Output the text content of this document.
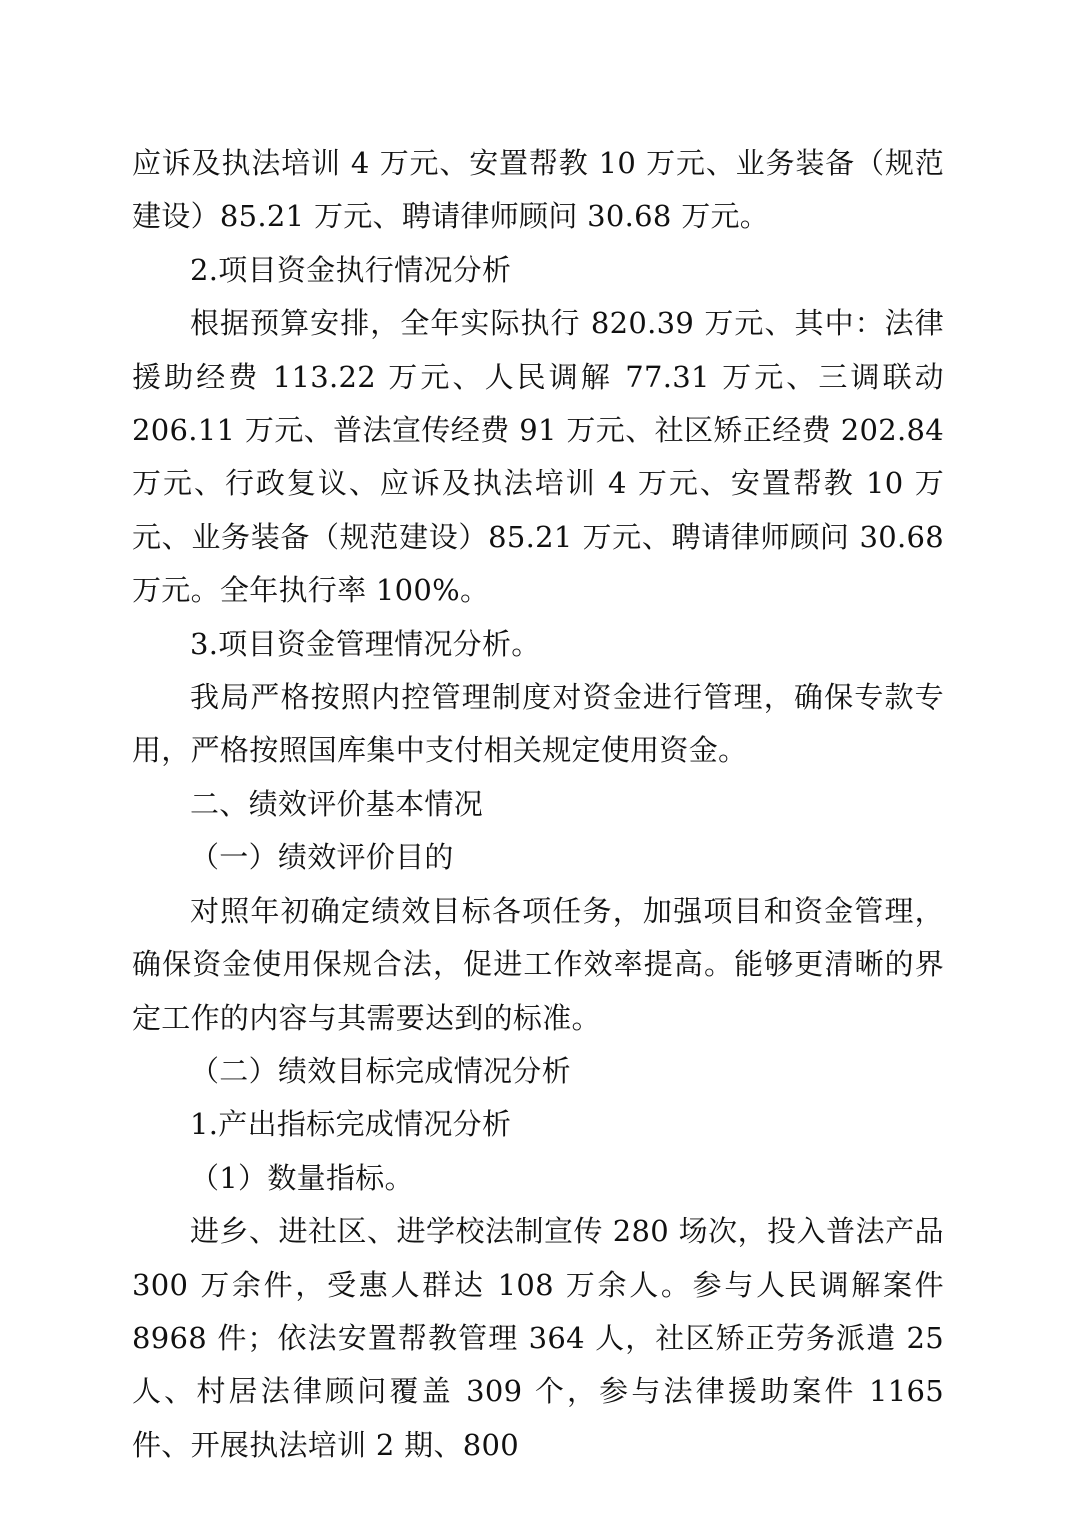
应诉及执法培训 4 万元、安置帮教 10 万元、业务装备（规范建设）85.21 万元、聘请律师顾问 30.68 万元。

2.项目资金执行情况分析

根据预算安排，全年实际执行 820.39 万元、其中：法律援助经费 113.22 万元、人民调解 77.31 万元、三调联动 206.11 万元、普法宣传经费 91 万元、社区矫正经费 202.84 万元、行政复议、应诉及执法培训 4 万元、安置帮教 10 万元、业务装备（规范建设）85.21 万元、聘请律师顾问 30.68 万元。全年执行率 100%。

3.项目资金管理情况分析。

我局严格按照内控管理制度对资金进行管理，确保专款专用，严格按照国库集中支付相关规定使用资金。

二、绩效评价基本情况

（一）绩效评价目的

对照年初确定绩效目标各项任务，加强项目和资金管理，确保资金使用保规合法，促进工作效率提高。能够更清晰的界定工作的内容与其需要达到的标准。

（二）绩效目标完成情况分析

1.产出指标完成情况分析

（1）数量指标。

进乡、进社区、进学校法制宣传 280 场次，投入普法产品 300 万余件，受惠人群达 108 万余人。参与人民调解案件 8968 件；依法安置帮教管理 364 人，社区矫正劳务派遣 25 人、村居法律顾问覆盖 309 个，参与法律援助案件 1165 件、开展执法培训 2 期、800
